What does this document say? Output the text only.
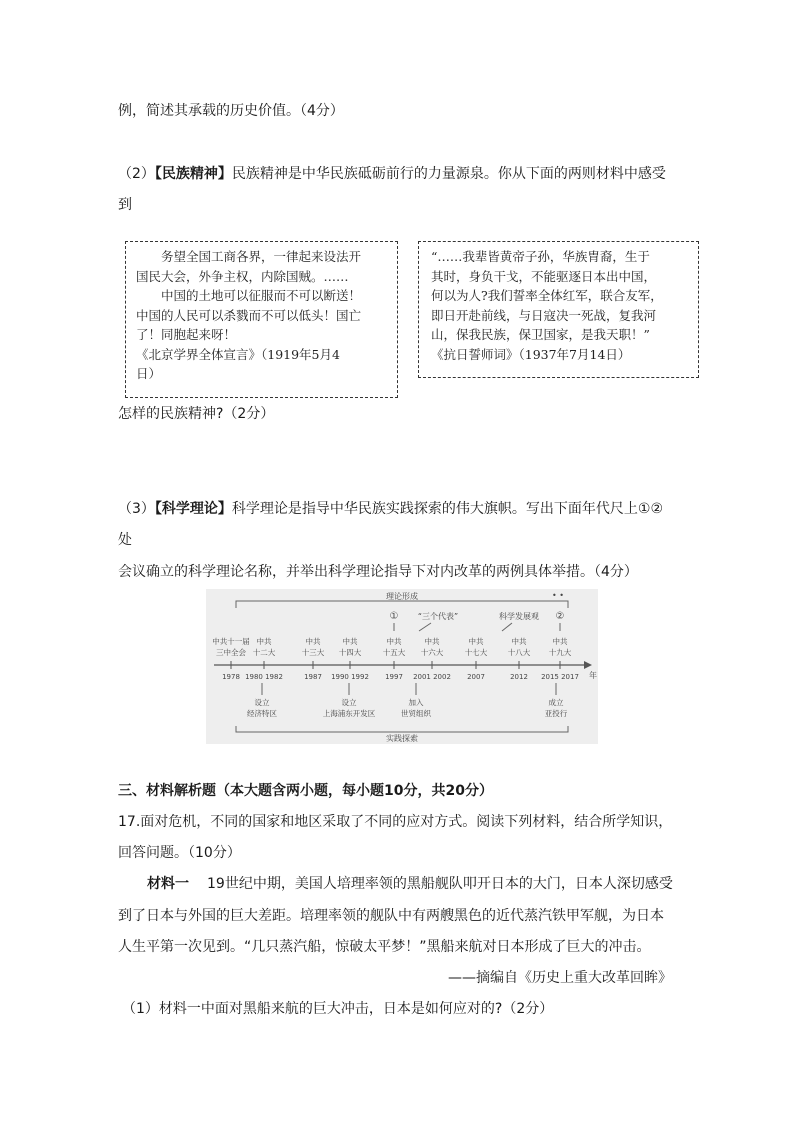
例，简述其承载的历史价值。（4分）
（2）【民族精神】民族精神是中华民族砥砺前行的力量源泉。你从下面的两则材料中感受
到

务望全国工商各界，一律起来设法开

国民大会，外争主权，内除国贼。……

中国的土地可以征服而不可以断送！

中国的人民可以杀戮而不可以低头！国亡

了！同胞起来呀！

《北京学界全体宣言》（1919年5月4

日）

“……我辈皆黄帝子孙，华族胄裔，生于

其时，身负干戈，不能驱逐日本出中国，

何以为人?我们誓率全体红军，联合友军，

即日开赴前线，与日寇决一死战，复我河

山，保我民族，保卫国家，是我天职！”

《抗日誓师词》（1937年7月14日）

怎样的民族精神?（2分）
（3）【科学理论】科学理论是指导中华民族实践探索的伟大旗帜。写出下面年代尺上①②
处
会议确立的科学理论名称，并举出科学理论指导下对内改革的两例具体举措。（4分）
理论形成	• •
① “三个代表”	科学发展观 ②
中共十一届
三中全会
中共
十二大
中共
十三大
中共
十四大
中共
十五大
中共
十六大
中共
十七大
中共
十八大
中共
十九大
年
1978 1980 1982	1987 1990 1992 1997 2001 2002 2007	2012 2015 2017
设立
经济特区
设立
上海浦东开发区
加入
世贸组织
成立
亚投行
实践探索
三、材料解析题（本大题含两小题，每小题10分，共20分）
17.面对危机，不同的国家和地区采取了不同的应对方式。阅读下列材料，结合所学知识，
回答问题。（10分）
材料一 19世纪中期，美国人培理率领的黑船舰队叩开日本的大门，日本人深切感受
到了日本与外国的巨大差距。培理率领的舰队中有两艘黑色的近代蒸汽铁甲军舰，为日本
人生平第一次见到。“几只蒸汽船，惊破太平梦！”黑船来航对日本形成了巨大的冲击。
——摘编自《历史上重大改革回眸》
（1）材料一中面对黑船来航的巨大冲击，日本是如何应对的?（2分）
